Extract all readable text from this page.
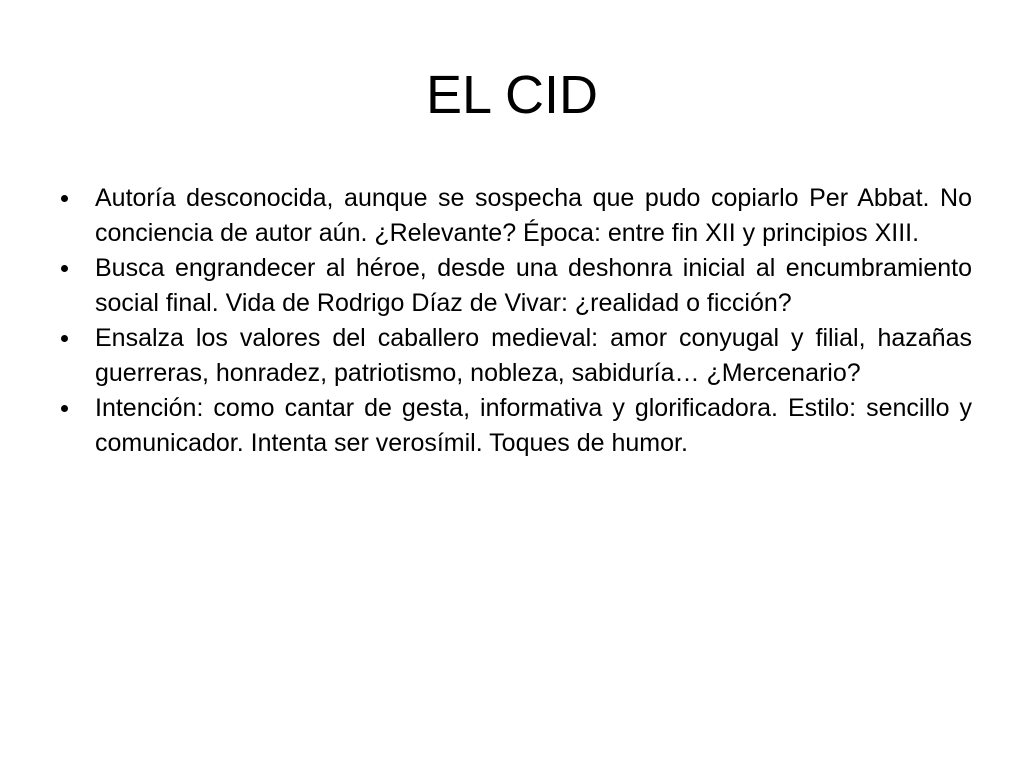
EL CID
Autoría desconocida, aunque se sospecha que pudo copiarlo Per Abbat. No conciencia de autor aún. ¿Relevante? Época: entre fin XII y principios XIII.
Busca engrandecer al héroe, desde una deshonra inicial al encumbramiento social final. Vida de Rodrigo Díaz de Vivar: ¿realidad o ficción?
Ensalza los valores del caballero medieval: amor conyugal y filial, hazañas guerreras, honradez, patriotismo, nobleza, sabiduría… ¿Mercenario?
Intención: como cantar de gesta, informativa y glorificadora. Estilo: sencillo y comunicador. Intenta ser verosímil. Toques de humor.
